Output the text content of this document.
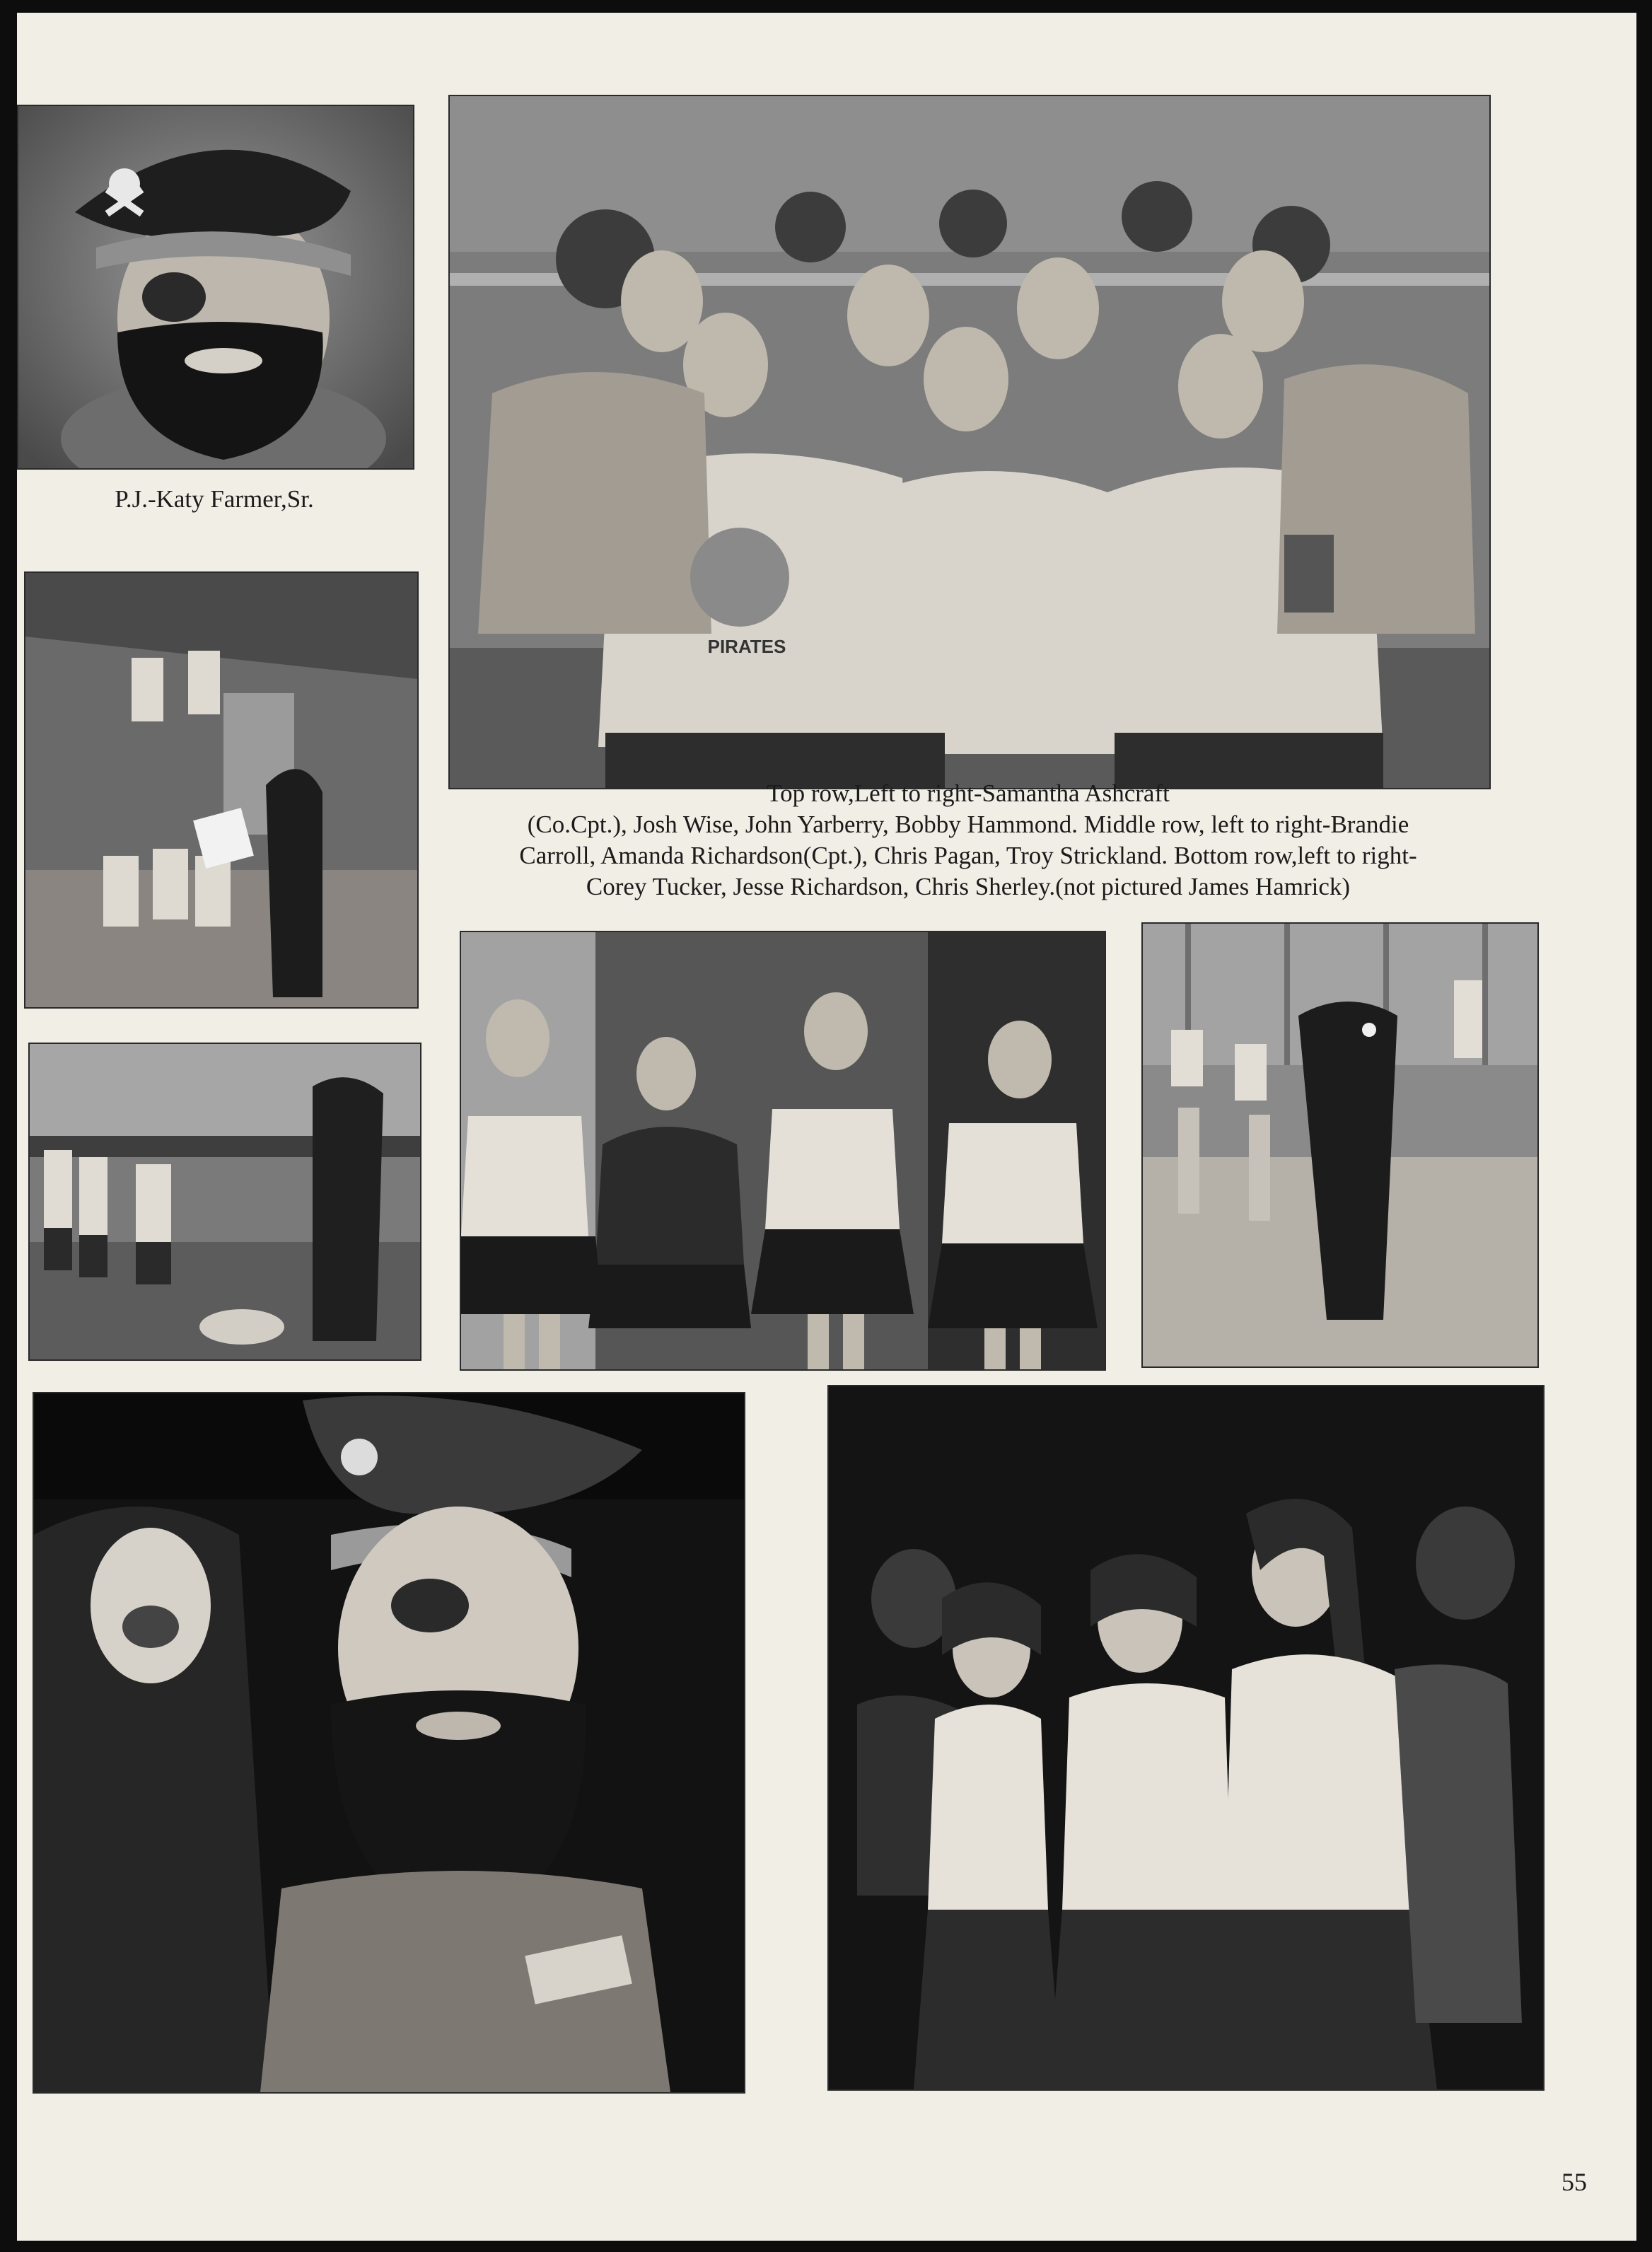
P.J.-Katy Farmer,Sr.

PIRATES

Top row,Left to right-Samantha Ashcraft

(Co.Cpt.), Josh Wise, John Yarberry, Bobby Hammond. Middle row, left to right-Brandie

Carroll, Amanda Richardson(Cpt.), Chris Pagan, Troy Strickland. Bottom row,left to right-

Corey Tucker, Jesse Richardson, Chris Sherley.(not pictured James Hamrick)

55
